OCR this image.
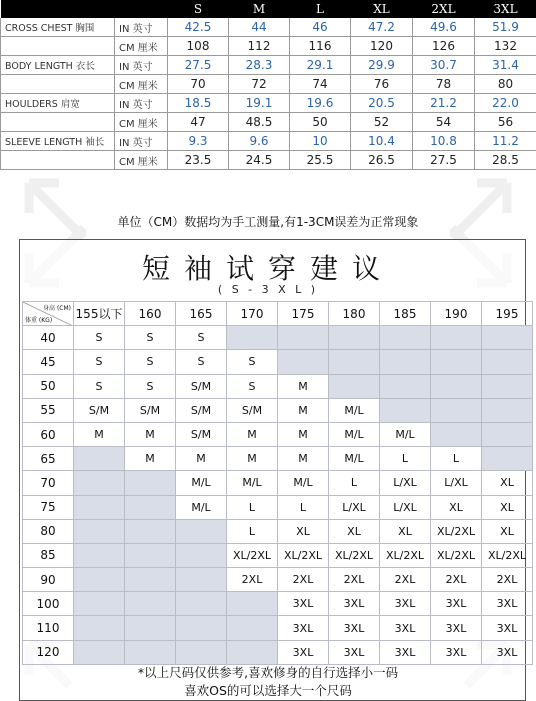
		S	M	L	XL	2XL	3XL
CROSS CHEST 胸围	IN 英寸	42.5	44	46	47.2	49.6	51.9
	CM 厘米	108	112	116	120	126	132
BODY LENGTH 衣长	IN 英寸	27.5	28.3	29.1	29.9	30.7	31.4
	CM 厘米	70	72	74	76	78	80
HOULDERS 肩宽	IN 英寸	18.5	19.1	19.6	20.5	21.2	22.0
	CM 厘米	47	48.5	50	52	54	56
SLEEVE LENGTH 袖长	IN 英寸	9.3	9.6	10	10.4	10.8	11.2
	CM 厘米	23.5	24.5	25.5	26.5	27.5	28.5
单位（CM）数据均为手工测量,有1-3CM误差为正常现象
短袖试穿建议
( S - 3 X L )
身高 (CM)
体重 (KG)	155以下	160	165	170	175	180	185	190	195
40	S	S	S						
45	S	S	S	S					
50	S	S	S/M	S	M				
55	S/M	S/M	S/M	S/M	M	M/L			
60	M	M	S/M	M	M	M/L	M/L		
65		M	M	M	M	M/L	L	L	
70			M/L	M/L	M/L	L	L/XL	L/XL	XL
75			M/L	L	L	L/XL	L/XL	XL	XL
80				L	XL	XL	XL	XL/2XL	XL
85				XL/2XL	XL/2XL	XL/2XL	XL/2XL	XL/2XL	XL/2XL
90				2XL	2XL	2XL	2XL	2XL	2XL
100					3XL	3XL	3XL	3XL	3XL
110					3XL	3XL	3XL	3XL	3XL
120					3XL	3XL	3XL	3XL	3XL
*以上尺码仅供参考,喜欢修身的自行选择小一码
喜欢OS的可以选择大一个尺码
